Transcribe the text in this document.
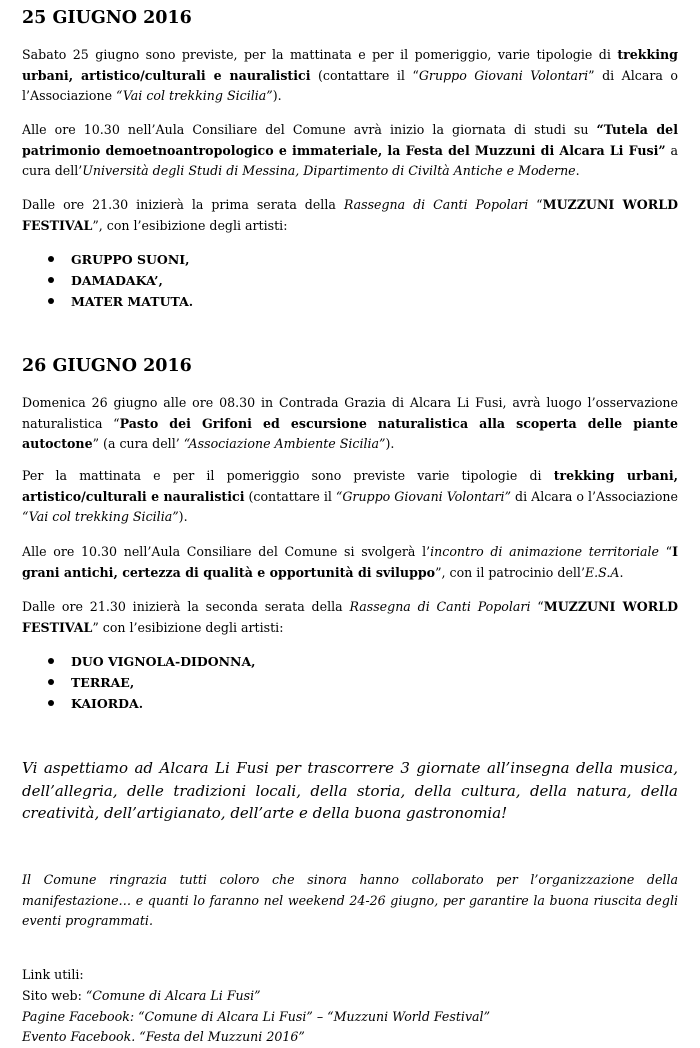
25 GIUGNO 2016

Sabato 25 giugno sono previste, per la mattinata e per il pomeriggio, varie tipologie di trekking urbani, artistico/culturali e nauralistici (contattare il “Gruppo Giovani Volontari” di Alcara o l’Associazione “Vai col trekking Sicilia”).

Alle ore 10.30 nell’Aula Consiliare del Comune avrà inizio la giornata di studi su “Tutela del patrimonio demoetnoantropologico e immateriale, la Festa del Muzzuni di Alcara Li Fusi” a cura dell’Università degli Studi di Messina, Dipartimento di Civiltà Antiche e Moderne.

Dalle ore 21.30 inizierà la prima serata della Rassegna di Canti Popolari “MUZZUNI WORLD FESTIVAL”, con l’esibizione degli artisti:

GRUPPO SUONI,
DAMADAKA’,
MATER MATUTA.
26 GIUGNO 2016

Domenica 26 giugno alle ore 08.30 in Contrada Grazia di Alcara Li Fusi, avrà luogo l’osservazione naturalistica “Pasto dei Grifoni ed escursione naturalistica alla scoperta delle piante autoctone” (a cura dell’ “Associazione Ambiente Sicilia”).

Per la mattinata e per il pomeriggio sono previste varie tipologie di trekking urbani, artistico/culturali e nauralistici (contattare il “Gruppo Giovani Volontari” di Alcara o l’Associazione “Vai col trekking Sicilia”).

Alle ore 10.30 nell’Aula Consiliare del Comune si svolgerà l’incontro di animazione territoriale “I grani antichi, certezza di qualità e opportunità di sviluppo”, con il patrocinio dell’E.S.A.

Dalle ore 21.30 inizierà la seconda serata della Rassegna di Canti Popolari “MUZZUNI WORLD FESTIVAL” con l’esibizione degli artisti:

DUO VIGNOLA-DIDONNA,
TERRAE,
KAIORDA.

Vi aspettiamo ad Alcara Li Fusi per trascorrere 3 giornate all’insegna della musica, dell’allegria, delle tradizioni locali, della storia, della cultura, della natura, della creatività, dell’artigianato, dell’arte e della buona gastronomia!

Il Comune ringrazia tutti coloro che sinora hanno collaborato per l’organizzazione della manifestazione… e quanti lo faranno nel weekend 24-26 giugno, per garantire la buona riuscita degli eventi programmati.

Link utili:
Sito web: “Comune di Alcara Li Fusi”
Pagine Facebook: “Comune di Alcara Li Fusi” – “Muzzuni World Festival”
Evento Facebook. “Festa del Muzzuni 2016”
